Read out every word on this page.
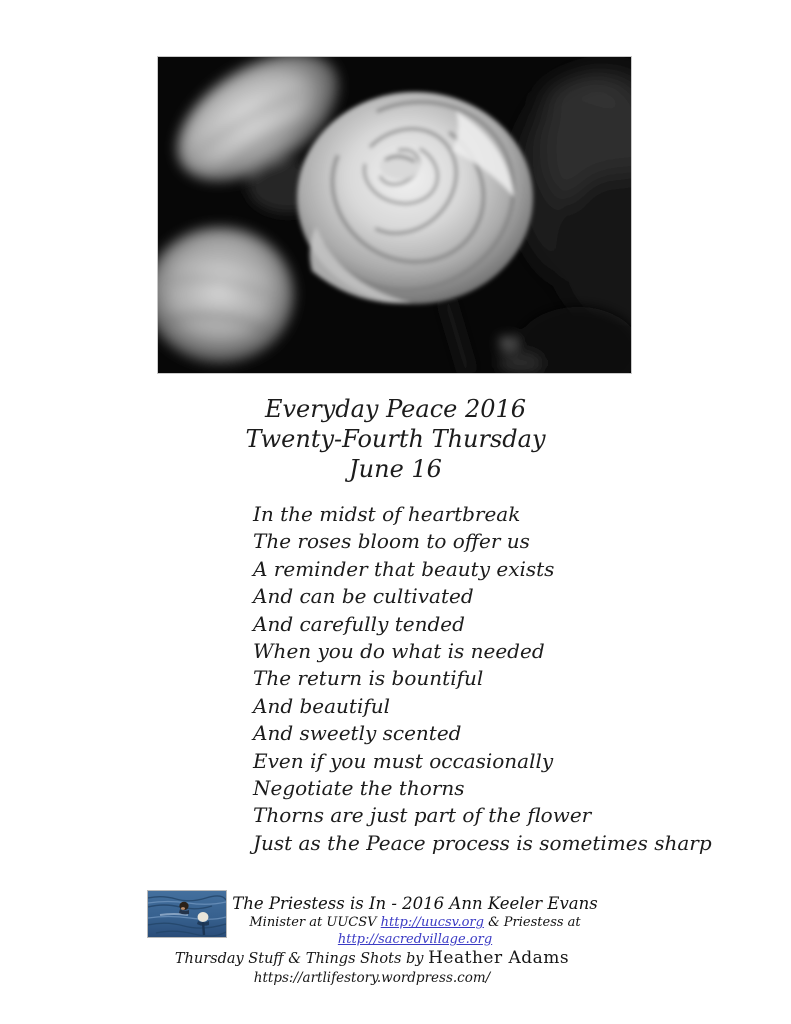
Everyday Peace 2016
Twenty-Fourth Thursday
June 16
In the midst of heartbreak
The roses bloom to offer us
A reminder that beauty exists
And can be cultivated
And carefully tended
When you do what is needed
The return is bountiful
And beautiful
And sweetly scented
Even if you must occasionally
Negotiate the thorns
Thorns are just part of the flower
Just as the Peace process is sometimes sharp
The Priestess is In - 2016 Ann Keeler Evans
Minister at UUCSV http://uucsv.org & Priestess at http://sacredvillage.org
Thursday Stuff & Things Shots by Heather Adams
https://artlifestory.wordpress.com/
